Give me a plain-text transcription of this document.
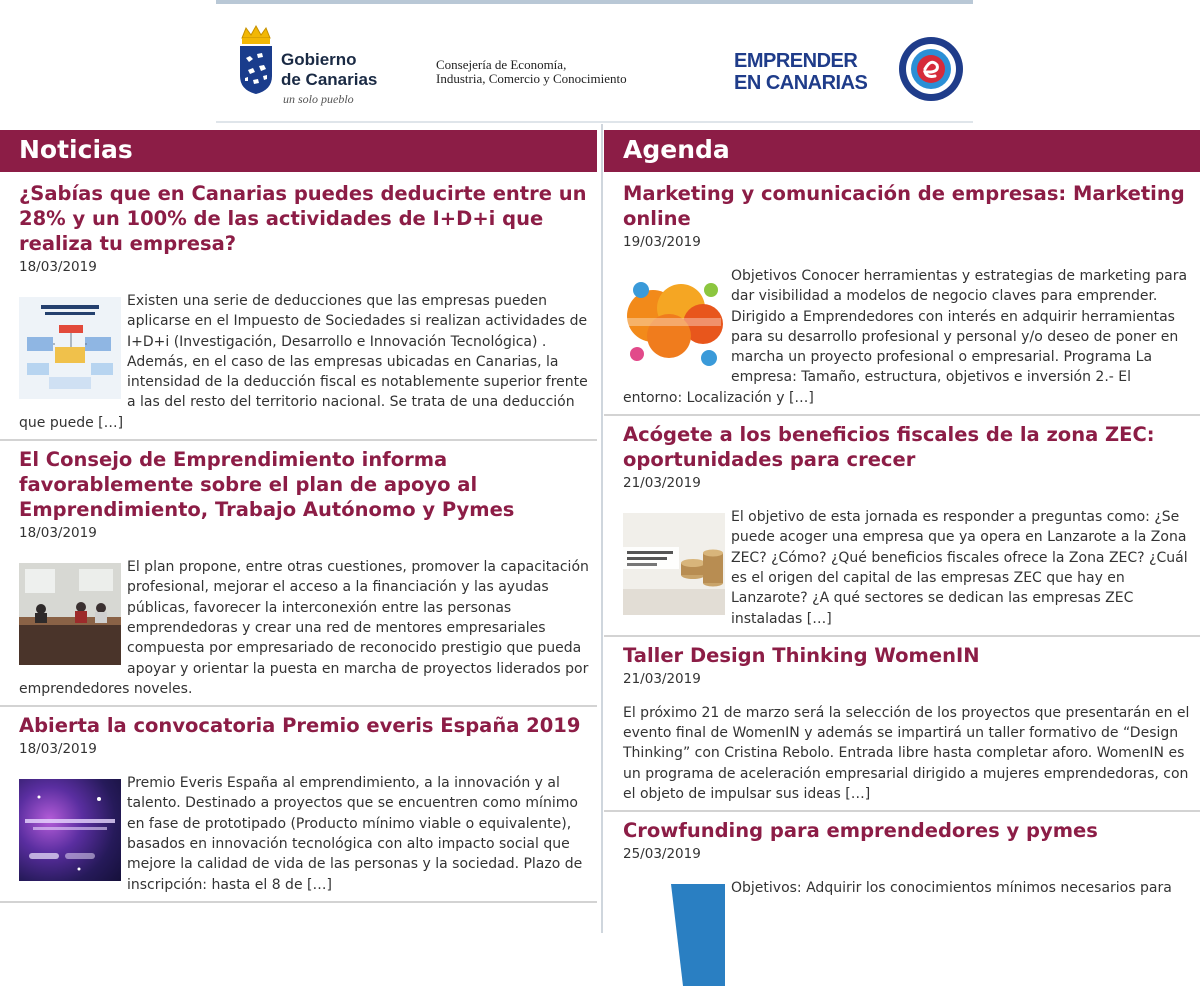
Gobierno
de Canarias
un solo pueblo
Consejería de Economía,
Industria, Comercio y Conocimiento
EMPRENDER
EN CANARIAS
Noticias
¿Sabías que en Canarias puedes deducirte entre un 28% y un 100% de las actividades de I+D+i que realiza tu empresa?
18/03/2019
Existen una serie de deducciones que las empresas pueden aplicarse en el Impuesto de Sociedades si realizan actividades de I+D+i (Investigación, Desarrollo e Innovación Tecnológica) . Además, en el caso de las empresas ubicadas en Canarias, la intensidad de la deducción fiscal es notablemente superior frente a las del resto del territorio nacional. Se trata de una deducción que puede […]
El Consejo de Emprendimiento informa favorablemente sobre el plan de apoyo al Emprendimiento, Trabajo Autónomo y Pymes
18/03/2019
El plan propone, entre otras cuestiones, promover la capacitación profesional, mejorar el acceso a la financiación y las ayudas públicas, favorecer la interconexión entre las personas emprendedoras y crear una red de mentores empresariales compuesta por empresariado de reconocido prestigio que pueda apoyar y orientar la puesta en marcha de proyectos liderados por emprendedores noveles.
Abierta la convocatoria Premio everis España 2019
18/03/2019
Premio Everis España al emprendimiento, a la innovación y al talento. Destinado a proyectos que se encuentren como mínimo en fase de prototipado (Producto mínimo viable o equivalente), basados en innovación tecnológica con alto impacto social que mejore la calidad de vida de las personas y la sociedad. Plazo de inscripción: hasta el 8 de […]
Agenda
Marketing y comunicación de empresas: Marketing online
19/03/2019
Objetivos Conocer herramientas y estrategias de marketing para dar visibilidad a modelos de negocio claves para emprender. Dirigido a Emprendedores con interés en adquirir herramientas para su desarrollo profesional y personal y/o deseo de poner en marcha un proyecto profesional o empresarial. Programa La empresa: Tamaño, estructura, objetivos e inversión 2.- El entorno: Localización y […]
Acógete a los beneficios fiscales de la zona ZEC: oportunidades para crecer
21/03/2019
El objetivo de esta jornada es responder a preguntas como: ¿Se puede acoger una empresa que ya opera en Lanzarote a la Zona ZEC? ¿Cómo? ¿Qué beneficios fiscales ofrece la Zona ZEC? ¿Cuál es el origen del capital de las empresas ZEC que hay en Lanzarote? ¿A qué sectores se dedican las empresas ZEC instaladas […]
Taller Design Thinking WomenIN
21/03/2019
El próximo 21 de marzo será la selección de los proyectos que presentarán en el evento final de WomenIN y además se impartirá un taller formativo de “Design Thinking” con Cristina Rebolo. Entrada libre hasta completar aforo. WomenIN es un programa de aceleración empresarial dirigido a mujeres emprendedoras, con el objeto de impulsar sus ideas […]
Crowfunding para emprendedores y pymes
25/03/2019
Objetivos: Adquirir los conocimientos mínimos necesarios para
